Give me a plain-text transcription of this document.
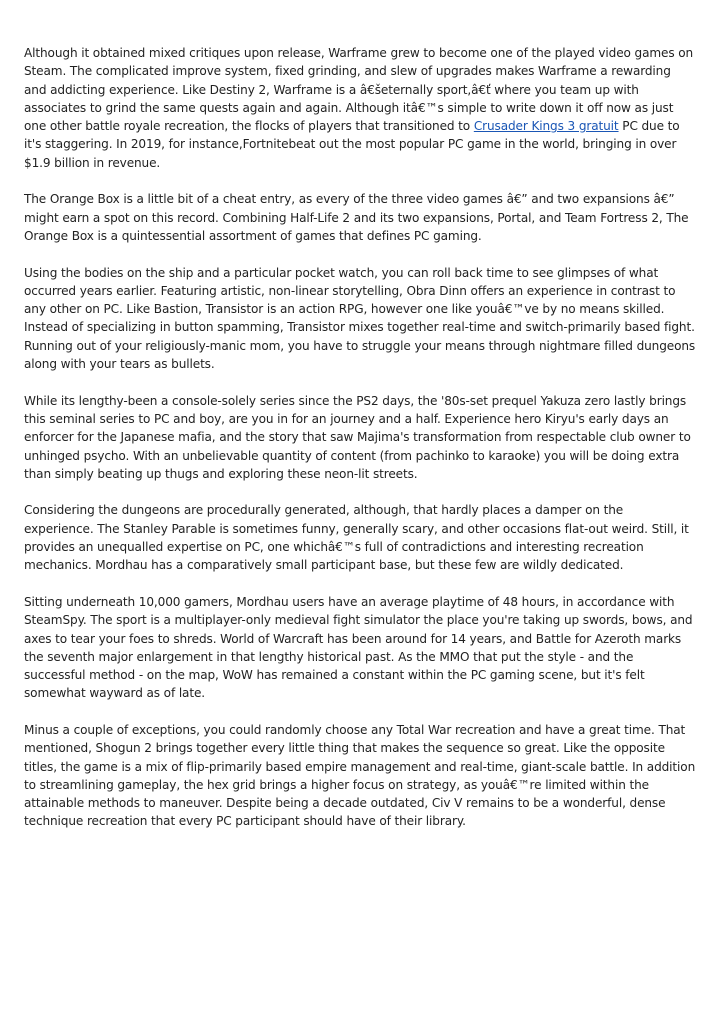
Although it obtained mixed critiques upon release, Warframe grew to become one of the played video games on Steam. The complicated improve system, fixed grinding, and slew of upgrades makes Warframe a rewarding and addicting experience. Like Destiny 2, Warframe is a â€šeternally sport,â€ť where you team up with associates to grind the same quests again and again. Although itâ€™s simple to write down it off now as just one other battle royale recreation, the flocks of players that transitioned to Crusader Kings 3 gratuit PC due to it's staggering. In 2019, for instance,Fortnitebeat out the most popular PC game in the world, bringing in over $1.9 billion in revenue.

The Orange Box is a little bit of a cheat entry, as every of the three video games â€” and two expansions â€” might earn a spot on this record. Combining Half-Life 2 and its two expansions, Portal, and Team Fortress 2, The Orange Box is a quintessential assortment of games that defines PC gaming.

Using the bodies on the ship and a particular pocket watch, you can roll back time to see glimpses of what occurred years earlier. Featuring artistic, non-linear storytelling, Obra Dinn offers an experience in contrast to any other on PC. Like Bastion, Transistor is an action RPG, however one like youâ€™ve by no means skilled. Instead of specializing in button spamming, Transistor mixes together real-time and switch-primarily based fight. Running out of your religiously-manic mom, you have to struggle your means through nightmare filled dungeons along with your tears as bullets.

While its lengthy-been a console-solely series since the PS2 days, the '80s-set prequel Yakuza zero lastly brings this seminal series to PC and boy, are you in for an journey and a half. Experience hero Kiryu's early days an enforcer for the Japanese mafia, and the story that saw Majima's transformation from respectable club owner to unhinged psycho. With an unbelievable quantity of content (from pachinko to karaoke) you will be doing extra than simply beating up thugs and exploring these neon-lit streets.

Considering the dungeons are procedurally generated, although, that hardly places a damper on the experience. The Stanley Parable is sometimes funny, generally scary, and other occasions flat-out weird. Still, it provides an unequalled expertise on PC, one whichâ€™s full of contradictions and interesting recreation mechanics. Mordhau has a comparatively small participant base, but these few are wildly dedicated.

Sitting underneath 10,000 gamers, Mordhau users have an average playtime of 48 hours, in accordance with SteamSpy. The sport is a multiplayer-only medieval fight simulator the place you're taking up swords, bows, and axes to tear your foes to shreds. World of Warcraft has been around for 14 years, and Battle for Azeroth marks the seventh major enlargement in that lengthy historical past. As the MMO that put the style - and the successful method - on the map, WoW has remained a constant within the PC gaming scene, but it's felt somewhat wayward as of late.

Minus a couple of exceptions, you could randomly choose any Total War recreation and have a great time. That mentioned, Shogun 2 brings together every little thing that makes the sequence so great. Like the opposite titles, the game is a mix of flip-primarily based empire management and real-time, giant-scale battle. In addition to streamlining gameplay, the hex grid brings a higher focus on strategy, as youâ€™re limited within the attainable methods to maneuver. Despite being a decade outdated, Civ V remains to be a wonderful, dense technique recreation that every PC participant should have of their library.
